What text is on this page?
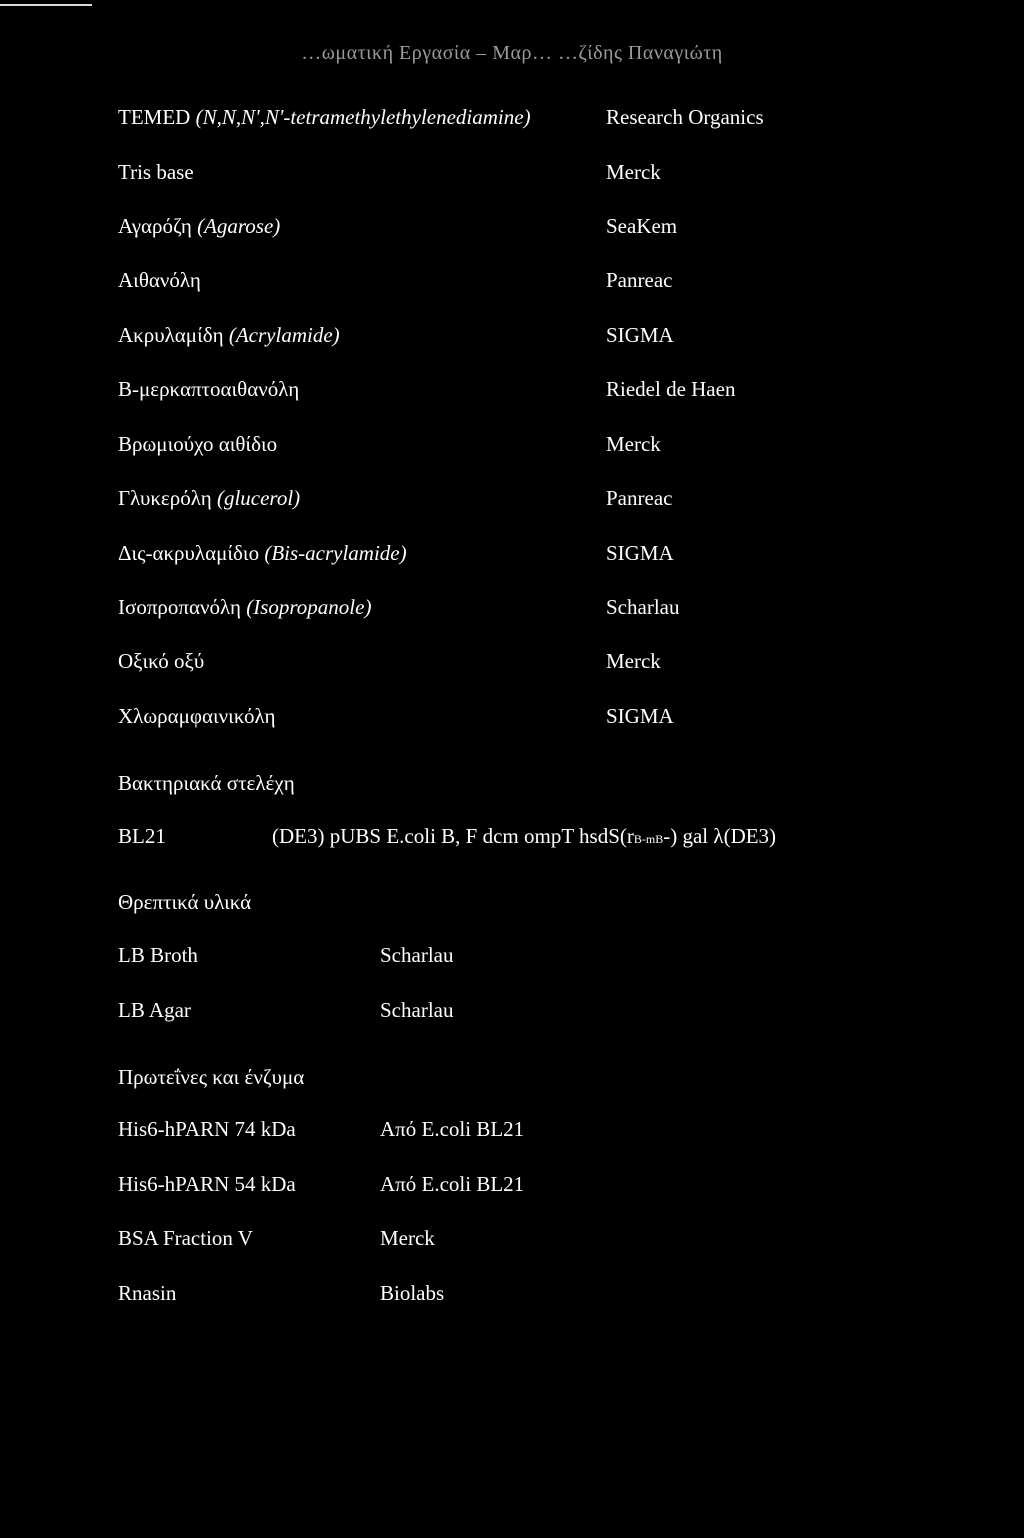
…ωματική Εργασία – Μαρ… …ζίδης Παναγιώτη
TEMED (N,N,N',N'-tetramethylethylenediamine)	Research Organics
Tris base	Merck
Αγαρόζη (Agarose)	SeaKem
Αιθανόλη	Panreac
Ακρυλαμίδη (Acrylamide)	SIGMA
Β-μερκαπτοαιθανόλη	Riedel de Haen
Βρωμιούχο αιθίδιο	Merck
Γλυκερόλη (glucerol)	Panreac
Δις-ακρυλαμίδιο (Bis-acrylamide)	SIGMA
Ισοπροπανόλη (Isopropanole)	Scharlau
Οξικό οξύ	Merck
Χλωραμφαινικόλη	SIGMA
Βακτηριακά στελέχη
BL21	(DE3) pUBS E.coli B, F dcm ompT hsdS(rB-mB-) gal λ(DE3)
Θρεπτικά υλικά
LB Broth	Scharlau
LB Agar	Scharlau
Πρωτεΐνες και ένζυμα
His6-hPARN 74 kDa	Από E.coli BL21
His6-hPARN 54 kDa	Από E.coli BL21
BSA Fraction V	Merck
Rnasin	Biolabs
